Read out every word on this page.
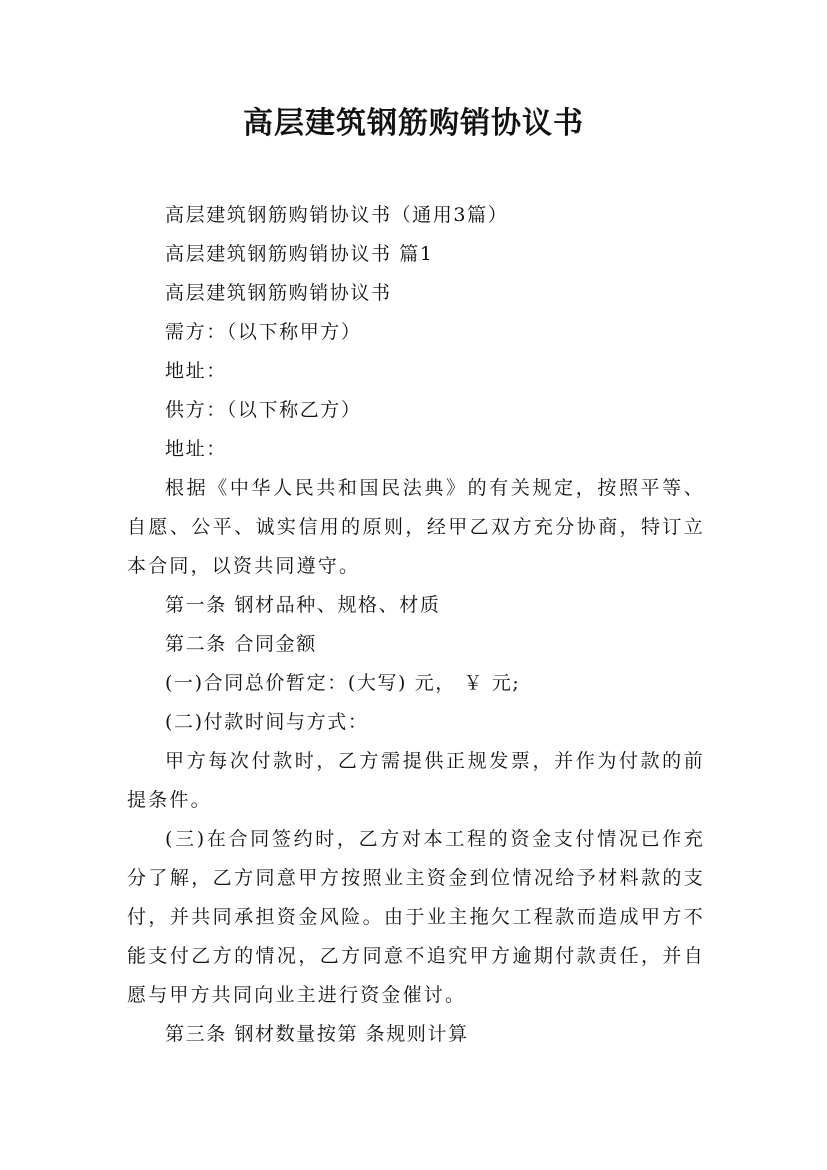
高层建筑钢筋购销协议书

高层建筑钢筋购销协议书（通用3篇）

高层建筑钢筋购销协议书 篇1

高层建筑钢筋购销协议书

需方：（以下称甲方）

地址：

供方：（以下称乙方）

地址：

根据《中华人民共和国民法典》的有关规定，按照平等、自愿、公平、诚实信用的原则，经甲乙双方充分协商，特订立本合同，以资共同遵守。

第一条 钢材品种、规格、材质

第二条 合同金额

(一)合同总价暂定：(大写) 元， ￥ 元;

(二)付款时间与方式：

甲方每次付款时，乙方需提供正规发票，并作为付款的前提条件。

(三)在合同签约时，乙方对本工程的资金支付情况已作充分了解，乙方同意甲方按照业主资金到位情况给予材料款的支付，并共同承担资金风险。由于业主拖欠工程款而造成甲方不能支付乙方的情况，乙方同意不追究甲方逾期付款责任，并自愿与甲方共同向业主进行资金催讨。

第三条 钢材数量按第 条规则计算
